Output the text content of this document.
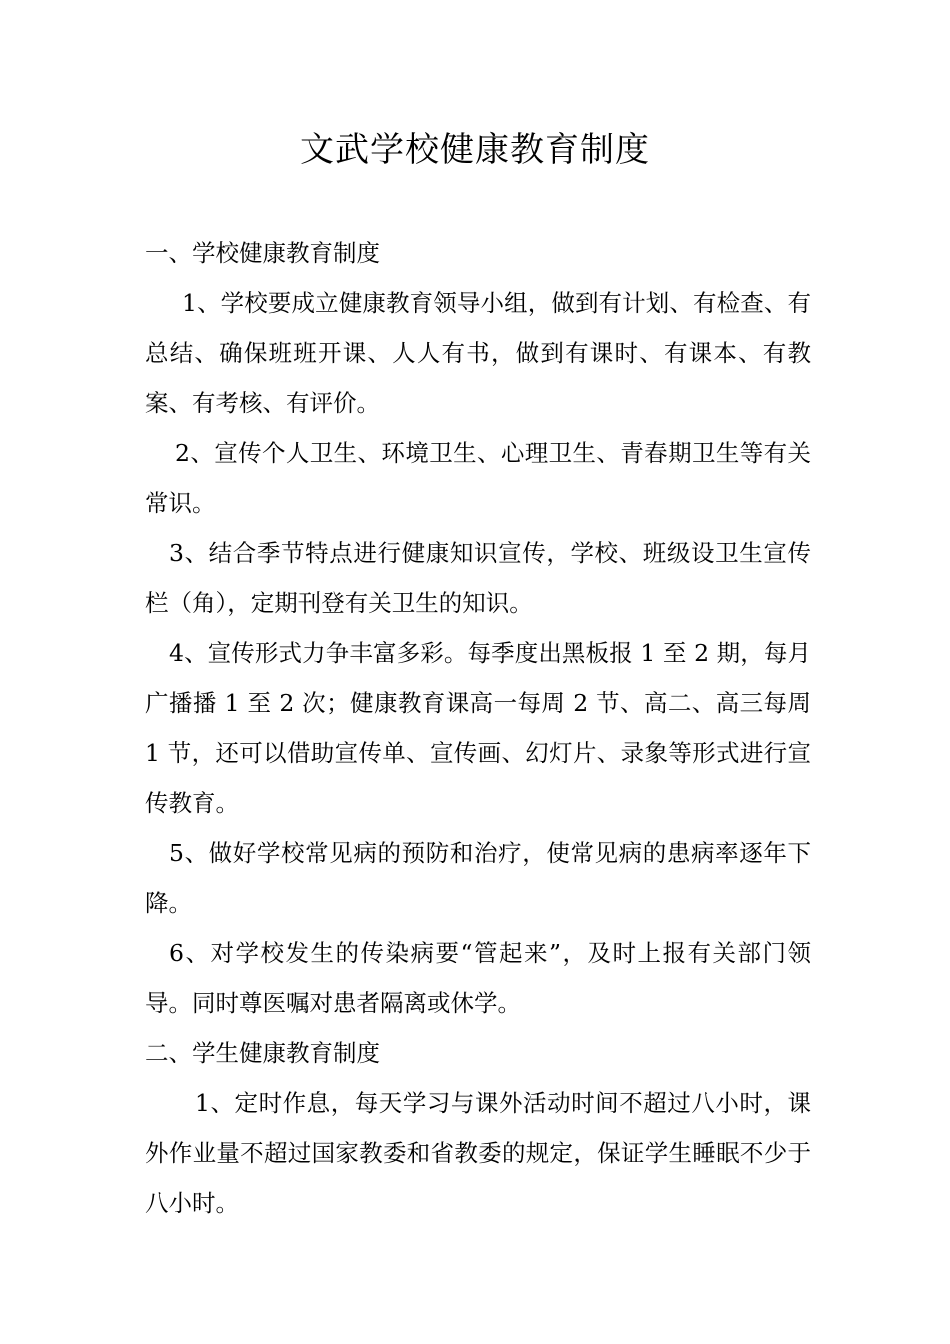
文武学校健康教育制度

一、学校健康教育制度

1、学校要成立健康教育领导小组，做到有计划、有检查、有总结、确保班班开课、人人有书，做到有课时、有课本、有教案、有考核、有评价。

2、宣传个人卫生、环境卫生、心理卫生、青春期卫生等有关常识。

3、结合季节特点进行健康知识宣传，学校、班级设卫生宣传栏（角），定期刊登有关卫生的知识。

4、宣传形式力争丰富多彩。每季度出黑板报 1 至 2 期，每月广播播 1 至 2 次；健康教育课高一每周 2 节、高二、高三每周 1 节，还可以借助宣传单、宣传画、幻灯片、录象等形式进行宣传教育。

5、做好学校常见病的预防和治疗，使常见病的患病率逐年下降。

6、对学校发生的传染病要“管起来”，及时上报有关部门领导。同时尊医嘱对患者隔离或休学。

二、学生健康教育制度

1、定时作息，每天学习与课外活动时间不超过八小时，课外作业量不超过国家教委和省教委的规定，保证学生睡眠不少于八小时。
